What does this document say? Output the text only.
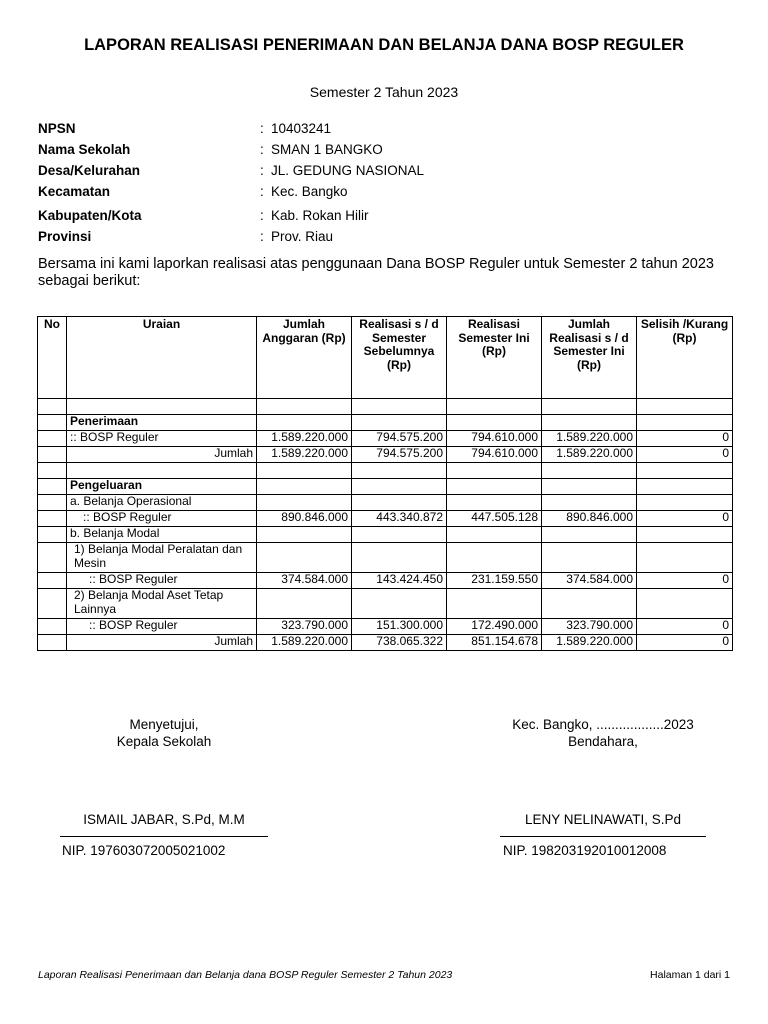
LAPORAN REALISASI PENERIMAAN DAN BELANJA DANA BOSP REGULER
Semester 2 Tahun 2023
NPSN	: 10403241
Nama Sekolah	: SMAN 1 BANGKO
Desa/Kelurahan	: JL. GEDUNG NASIONAL
Kecamatan	: Kec. Bangko
Kabupaten/Kota	: Kab. Rokan Hilir
Provinsi	: Prov. Riau
Bersama ini kami laporkan realisasi atas penggunaan Dana BOSP Reguler untuk Semester 2 tahun 2023 sebagai berikut:
No	Uraian	Jumlah Anggaran (Rp)	Realisasi s / d Semester Sebelumnya (Rp)	Realisasi Semester Ini (Rp)	Jumlah Realisasi s / d Semester Ini (Rp)	Selisih /Kurang (Rp)

	Penerimaan					
	:: BOSP Reguler	1.589.220.000	794.575.200	794.610.000	1.589.220.000	0
	Jumlah	1.589.220.000	794.575.200	794.610.000	1.589.220.000	0

	Pengeluaran					
	a. Belanja Operasional					
	:: BOSP Reguler	890.846.000	443.340.872	447.505.128	890.846.000	0
	b. Belanja Modal					
	1) Belanja Modal Peralatan dan Mesin					
	:: BOSP Reguler	374.584.000	143.424.450	231.159.550	374.584.000	0
	2) Belanja Modal Aset Tetap Lainnya					
	:: BOSP Reguler	323.790.000	151.300.000	172.490.000	323.790.000	0
	Jumlah	1.589.220.000	738.065.322	851.154.678	1.589.220.000	0
Menyetujui,
Kepala Sekolah
ISMAIL JABAR, S.Pd, M.M
NIP. 197603072005021002
Kec. Bangko, ..................2023
Bendahara,
LENY NELINAWATI, S.Pd
NIP. 198203192010012008
Laporan Realisasi Penerimaan dan Belanja dana BOSP Reguler Semester 2 Tahun 2023	Halaman 1 dari 1
